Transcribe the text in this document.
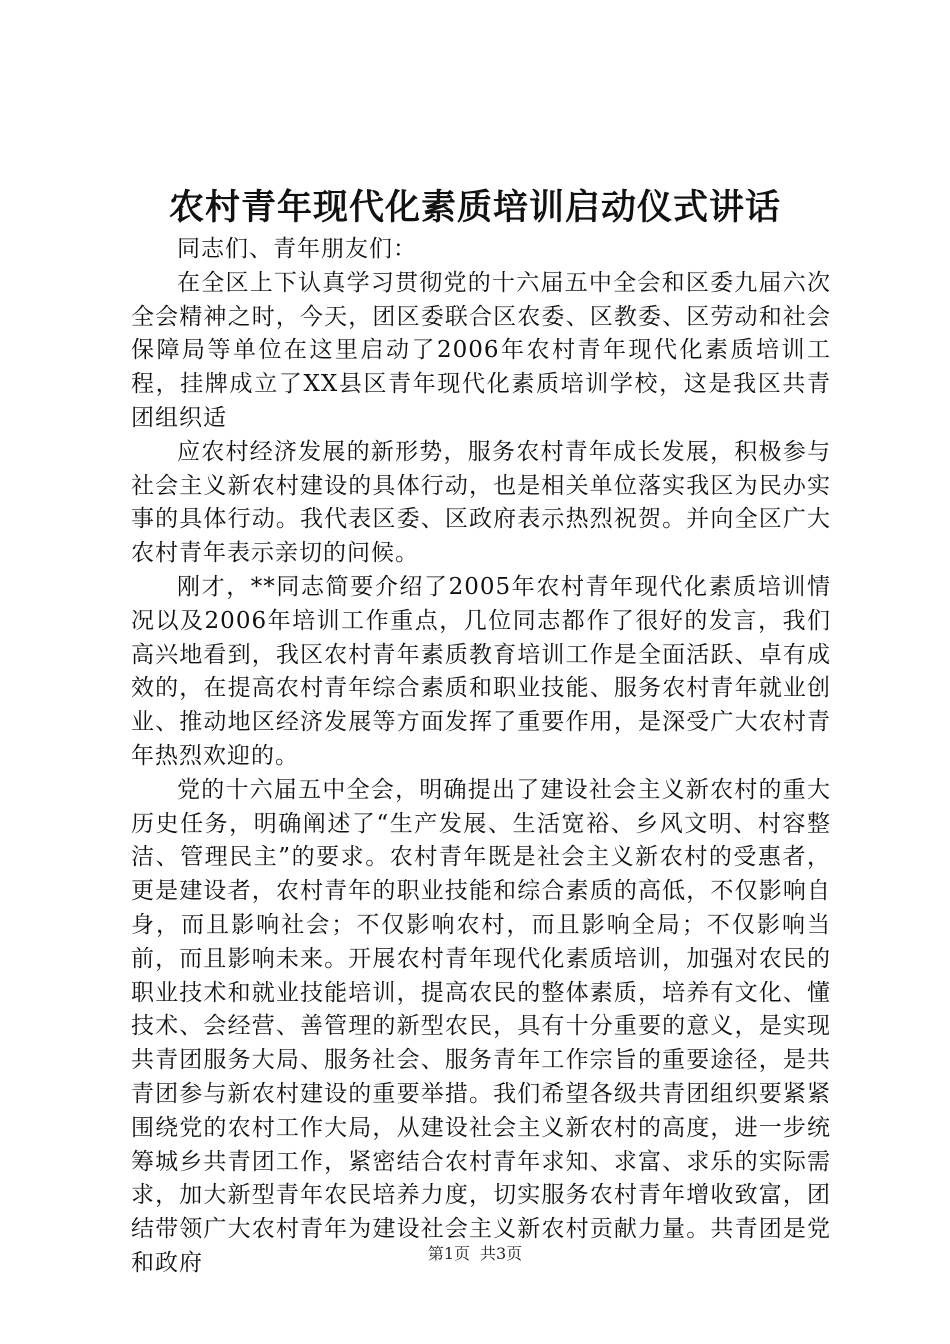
农村青年现代化素质培训启动仪式讲话

同志们、青年朋友们：

在全区上下认真学习贯彻党的十六届五中全会和区委九届六次全会精神之时，今天，团区委联合区农委、区教委、区劳动和社会保障局等单位在这里启动了2006年农村青年现代化素质培训工程，挂牌成立了XX县区青年现代化素质培训学校，这是我区共青团组织适

应农村经济发展的新形势，服务农村青年成长发展，积极参与社会主义新农村建设的具体行动，也是相关单位落实我区为民办实事的具体行动。我代表区委、区政府表示热烈祝贺。并向全区广大农村青年表示亲切的问候。

刚才，**同志简要介绍了2005年农村青年现代化素质培训情况以及2006年培训工作重点，几位同志都作了很好的发言，我们高兴地看到，我区农村青年素质教育培训工作是全面活跃、卓有成效的，在提高农村青年综合素质和职业技能、服务农村青年就业创业、推动地区经济发展等方面发挥了重要作用，是深受广大农村青年热烈欢迎的。

党的十六届五中全会，明确提出了建设社会主义新农村的重大历史任务，明确阐述了“生产发展、生活宽裕、乡风文明、村容整洁、管理民主”的要求。农村青年既是社会主义新农村的受惠者，更是建设者，农村青年的职业技能和综合素质的高低，不仅影响自身，而且影响社会；不仅影响农村，而且影响全局；不仅影响当前，而且影响未来。开展农村青年现代化素质培训，加强对农民的职业技术和就业技能培训，提高农民的整体素质，培养有文化、懂技术、会经营、善管理的新型农民，具有十分重要的意义，是实现共青团服务大局、服务社会、服务青年工作宗旨的重要途径，是共青团参与新农村建设的重要举措。我们希望各级共青团组织要紧紧围绕党的农村工作大局，从建设社会主义新农村的高度，进一步统筹城乡共青团工作，紧密结合农村青年求知、求富、求乐的实际需求，加大新型青年农民培养力度，切实服务农村青年增收致富，团结带领广大农村青年为建设社会主义新农村贡献力量。共青团是党和政府	第1页 共3页
